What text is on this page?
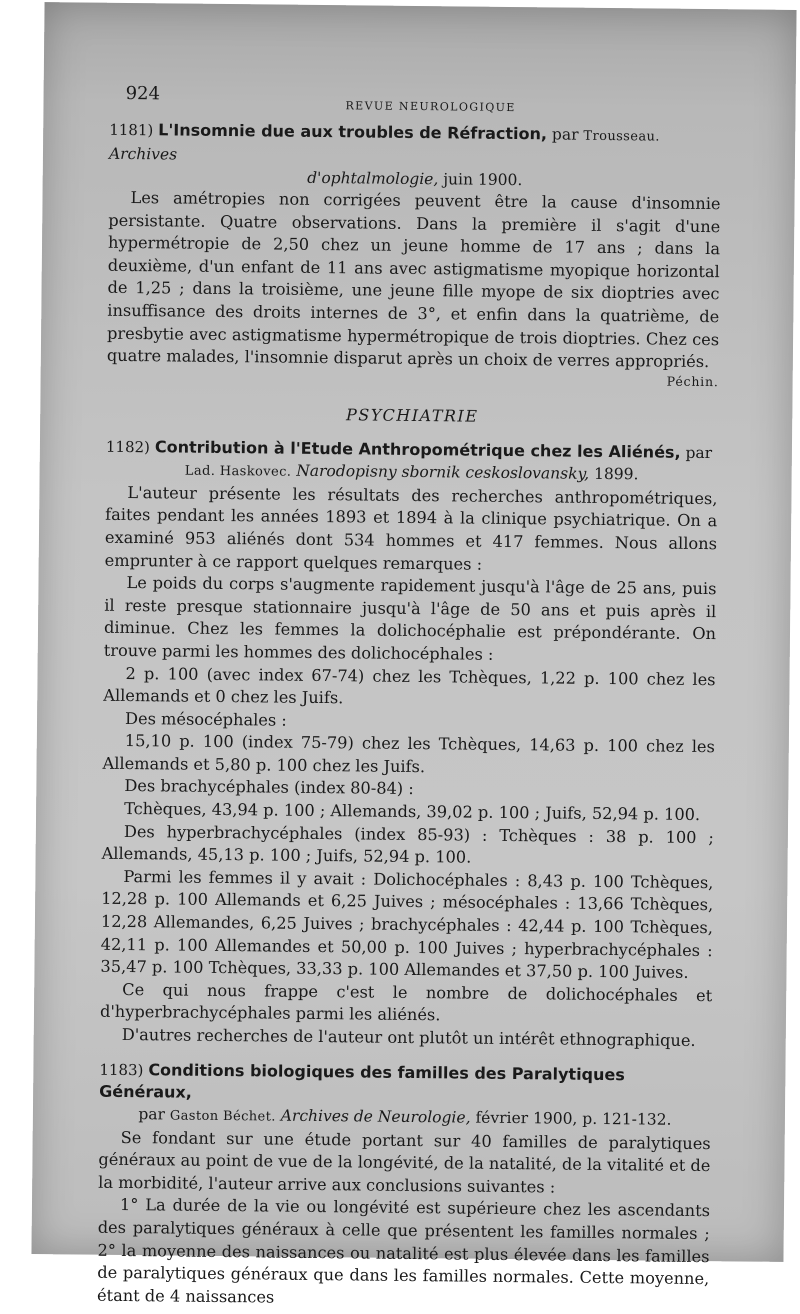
924
REVUE NEUROLOGIQUE
1181) L'Insomnie due aux troubles de Réfraction, par Trousseau. Archives
d'ophtalmologie, juin 1900.

Les amétropies non corrigées peuvent être la cause d'insomnie persistante. Quatre observations. Dans la première il s'agit d'une hypermétropie de 2,50 chez un jeune homme de 17 ans ; dans la deuxième, d'un enfant de 11 ans avec astigmatisme myopique horizontal de 1,25 ; dans la troisième, une jeune fille myope de six dioptries avec insuffisance des droits internes de 3°, et enfin dans la quatrième, de presbytie avec astigmatisme hypermétropique de trois dioptries. Chez ces quatre malades, l'insomnie disparut après un choix de verres appropriés.

Péchin.

PSYCHIATRIE
1182) Contribution à l'Etude Anthropométrique chez les Aliénés, par
Lad. Haskovec. Narodopisny sbornik ceskoslovansky, 1899.

L'auteur présente les résultats des recherches anthropométriques, faites pendant les années 1893 et 1894 à la clinique psychiatrique. On a examiné 953 aliénés dont 534 hommes et 417 femmes. Nous allons emprunter à ce rapport quelques remarques :

Le poids du corps s'augmente rapidement jusqu'à l'âge de 25 ans, puis il reste presque stationnaire jusqu'à l'âge de 50 ans et puis après il diminue. Chez les femmes la dolichocéphalie est prépondérante. On trouve parmi les hommes des dolichocéphales :

2 p. 100 (avec index 67-74) chez les Tchèques, 1,22 p. 100 chez les Allemands et 0 chez les Juifs.

Des mésocéphales :

15,10 p. 100 (index 75-79) chez les Tchèques, 14,63 p. 100 chez les Allemands et 5,80 p. 100 chez les Juifs.

Des brachycéphales (index 80-84) :

Tchèques, 43,94 p. 100 ; Allemands, 39,02 p. 100 ; Juifs, 52,94 p. 100.

Des hyperbrachycéphales (index 85-93) : Tchèques : 38 p. 100 ; Allemands, 45,13 p. 100 ; Juifs, 52,94 p. 100.

Parmi les femmes il y avait : Dolichocéphales : 8,43 p. 100 Tchèques, 12,28 p. 100 Allemands et 6,25 Juives ; mésocéphales : 13,66 Tchèques, 12,28 Allemandes, 6,25 Juives ; brachycéphales : 42,44 p. 100 Tchèques, 42,11 p. 100 Allemandes et 50,00 p. 100 Juives ; hyperbrachycéphales : 35,47 p. 100 Tchèques, 33,33 p. 100 Allemandes et 37,50 p. 100 Juives.

Ce qui nous frappe c'est le nombre de dolichocéphales et d'hyperbrachycéphales parmi les aliénés.

D'autres recherches de l'auteur ont plutôt un intérêt ethnographique.

1183) Conditions biologiques des familles des Paralytiques Généraux,
par Gaston Béchet. Archives de Neurologie, février 1900, p. 121-132.

Se fondant sur une étude portant sur 40 familles de paralytiques généraux au point de vue de la longévité, de la natalité, de la vitalité et de la morbidité, l'auteur arrive aux conclusions suivantes :

1° La durée de la vie ou longévité est supérieure chez les ascendants des paralytiques généraux à celle que présentent les familles normales ; 2° la moyenne des naissances ou natalité est plus élevée dans les familles de paralytiques généraux que dans les familles normales. Cette moyenne, étant de 4 naissances
